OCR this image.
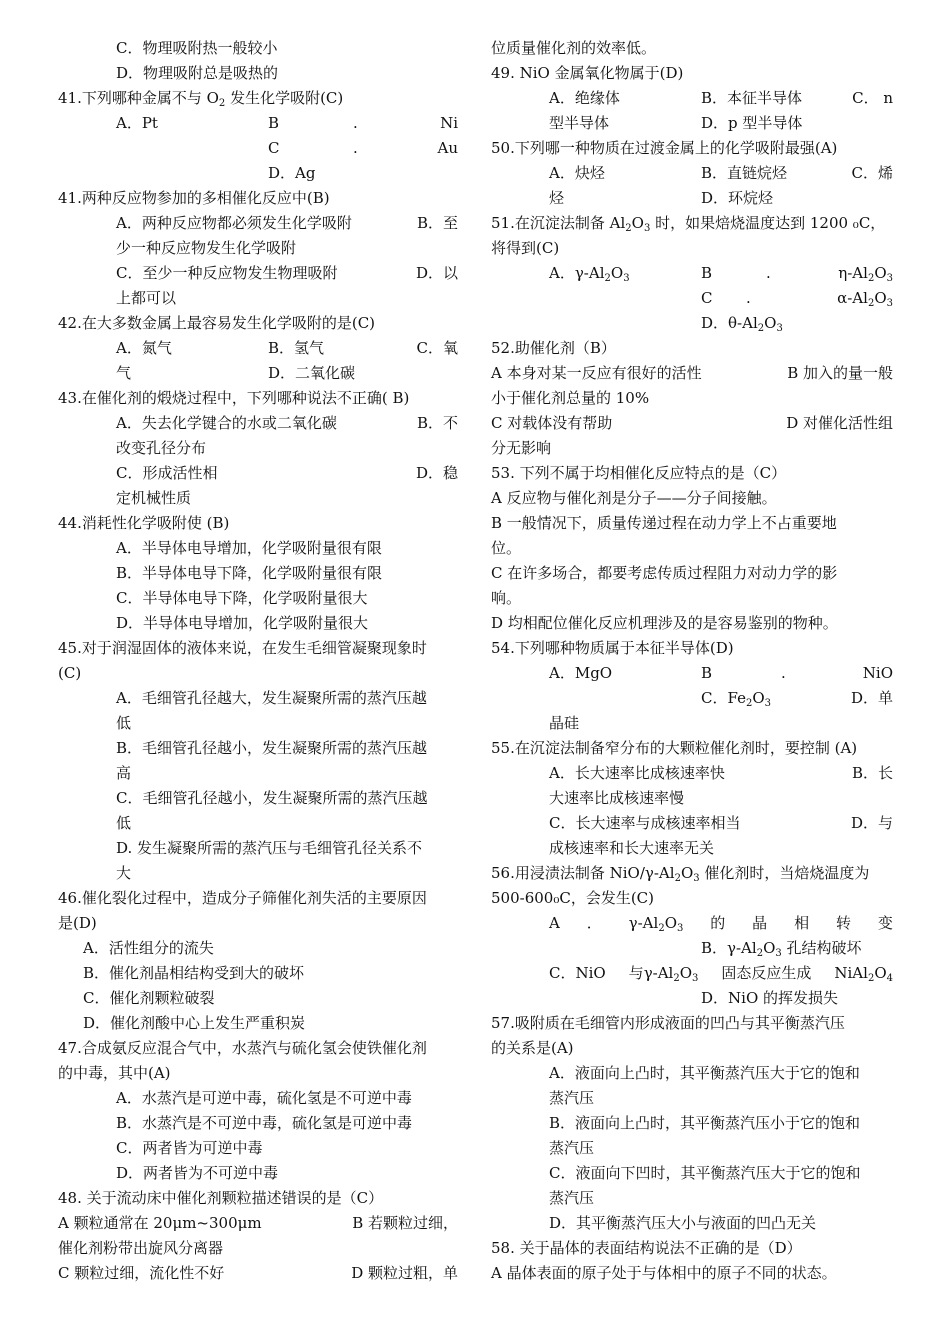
C．物理吸附热一般较小
D．物理吸附总是吸热的
41.下列哪种金属不与 $O_2$ 发生化学吸附(C)
A．Pt	B	.	Ni
C	.	Au
D．Ag
41.两种反应物参加的多相催化反应中(B)
A．两种反应物都必须发生化学吸附	B．至
少一种反应物发生化学吸附
C．至少一种反应物发生物理吸附	D．以
上都可以
42.在大多数金属上最容易发生化学吸附的是(C)
A．氮气	B．氢气	C．氧
气	D．二氧化碳
43.在催化剂的煅烧过程中，下列哪种说法不正确( B)
A．失去化学键合的水或二氧化碳	B．不
改变孔径分布
C．形成活性相	D．稳
定机械性质
44.消耗性化学吸附使 (B)
A．半导体电导增加，化学吸附量很有限
B．半导体电导下降，化学吸附量很有限
C．半导体电导下降，化学吸附量很大
D．半导体电导增加，化学吸附量很大
45.对于润湿固体的液体来说，在发生毛细管凝聚现象时
(C)
A．毛细管孔径越大，发生凝聚所需的蒸汽压越
低
B．毛细管孔径越小，发生凝聚所需的蒸汽压越
高
C．毛细管孔径越小，发生凝聚所需的蒸汽压越
低
D. 发生凝聚所需的蒸汽压与毛细管孔径关系不
大
46.催化裂化过程中，造成分子筛催化剂失活的主要原因
是(D)
A．活性组分的流失
B．催化剂晶相结构受到大的破坏
C．催化剂颗粒破裂
D．催化剂酸中心上发生严重积炭
47.合成氨反应混合气中，水蒸汽与硫化氢会使铁催化剂
的中毒，其中(A)
A．水蒸汽是可逆中毒，硫化氢是不可逆中毒
B．水蒸汽是不可逆中毒，硫化氢是可逆中毒
C．两者皆为可逆中毒
D．两者皆为不可逆中毒
48. 关于流动床中催化剂颗粒描述错误的是（C）
A 颗粒通常在 20μm~300μm	B 若颗粒过细，
催化剂粉带出旋风分离器
C 颗粒过细，流化性不好	D 颗粒过粗，单
位质量催化剂的效率低。
49. NiO 金属氧化物属于(D)
A．绝缘体	B．本征半导体	C． n
型半导体	D．p 型半导体
50.下列哪一种物质在过渡金属上的化学吸附最强(A)
A．炔烃	B．直链烷烃	C．烯
烃	D．环烷烃
51.在沉淀法制备 $Al_2O_3$ 时，如果焙烧温度达到 1200 ₀C，
将得到(C)
A．$\gamma-Al_2O_3$	B	.	$\eta-Al_2O_3$
C .	$\alpha-Al_2O_3$
D．$\theta-Al_2O_3$
52.助催化剂（B）
A 本身对某一反应有很好的活性	B 加入的量一般
小于催化剂总量的 10%
C 对载体没有帮助	D 对催化活性组
分无影响
53. 下列不属于均相催化反应特点的是（C）
A 反应物与催化剂是分子——分子间接触。
B 一般情况下，质量传递过程在动力学上不占重要地
位。
C 在许多场合，都要考虑传质过程阻力对动力学的影
响。
D 均相配位催化反应机理涉及的是容易鉴别的物种。
54.下列哪种物质属于本征半导体(D)
A．MgO	B	.	NiO
C．$Fe_2O_3$	D．单
晶硅
55.在沉淀法制备窄分布的大颗粒催化剂时，要控制 (A)
A．长大速率比成核速率快	B．长
大速率比成核速率慢
C．长大速率与成核速率相当	D．与
成核速率和长大速率无关
56.用浸渍法制备 NiO/$\gamma-Al_2O_3$ 催化剂时，当焙烧温度为
500-600₀C，会发生(C)
A ． $\gamma-Al_2O_3$ 的 晶 相 转 变
B．$\gamma-Al_2O_3$ 孔结构破坏
C．NiO 与$\gamma-Al_2O_3$ 固态反应生成 $NiAl_2O_4$
D．NiO 的挥发损失
57.吸附质在毛细管内形成液面的凹凸与其平衡蒸汽压
的关系是(A)
A．液面向上凸时，其平衡蒸汽压大于它的饱和
蒸汽压
B．液面向上凸时，其平衡蒸汽压小于它的饱和
蒸汽压
C．液面向下凹时，其平衡蒸汽压大于它的饱和
蒸汽压
D．其平衡蒸汽压大小与液面的凹凸无关
58. 关于晶体的表面结构说法不正确的是（D）
A 晶体表面的原子处于与体相中的原子不同的状态。
